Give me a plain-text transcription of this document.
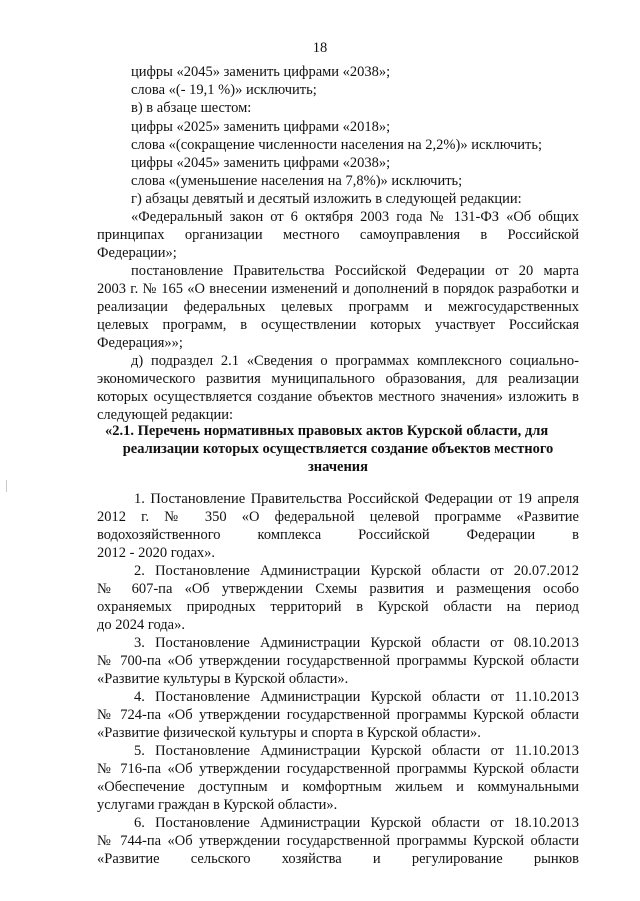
18
цифры «2045» заменить цифрами «2038»;
слова «(- 19,1 %)» исключить;
в) в абзаце шестом:
цифры «2025» заменить цифрами «2018»;
слова «(сокращение численности населения на 2,2%)» исключить;
цифры «2045» заменить цифрами «2038»;
слова «(уменьшение населения на 7,8%)» исключить;
г) абзацы девятый и десятый изложить в следующей редакции:
«Федеральный закон от 6 октября 2003 года № 131-ФЗ «Об общих
принципах организации местного самоуправления в Российской
Федерации»;
постановление Правительства Российской Федерации от 20 марта
2003 г. № 165 «О внесении изменений и дополнений в порядок разработки и
реализации федеральных целевых программ и межгосударственных
целевых программ, в осуществлении которых участвует Российская
Федерация»»;
д) подраздел 2.1 «Сведения о программах комплексного социально-
экономического развития муниципального образования, для реализации
которых осуществляется создание объектов местного значения» изложить в
следующей редакции:
«2.1. Перечень нормативных правовых актов Курской области, для
реализации которых осуществляется создание объектов местного
значения
1. Постановление Правительства Российской Федерации от 19 апреля
2012 г. № 350 «О федеральной целевой программе «Развитие
водохозяйственного комплекса Российской Федерации в
2012 - 2020 годах».
2. Постановление Администрации Курской области от 20.07.2012
№ 607-па «Об утверждении Схемы развития и размещения особо
охраняемых природных территорий в Курской области на период
до 2024 года».
3. Постановление Администрации Курской области от 08.10.2013
№ 700-па «Об утверждении государственной программы Курской области
«Развитие культуры в Курской области».
4. Постановление Администрации Курской области от 11.10.2013
№ 724-па «Об утверждении государственной программы Курской области
«Развитие физической культуры и спорта в Курской области».
5. Постановление Администрации Курской области от 11.10.2013
№ 716-па «Об утверждении государственной программы Курской области
«Обеспечение доступным и комфортным жильем и коммунальными
услугами граждан в Курской области».
6. Постановление Администрации Курской области от 18.10.2013
№ 744-па «Об утверждении государственной программы Курской области
«Развитие сельского хозяйства и регулирование рынков
